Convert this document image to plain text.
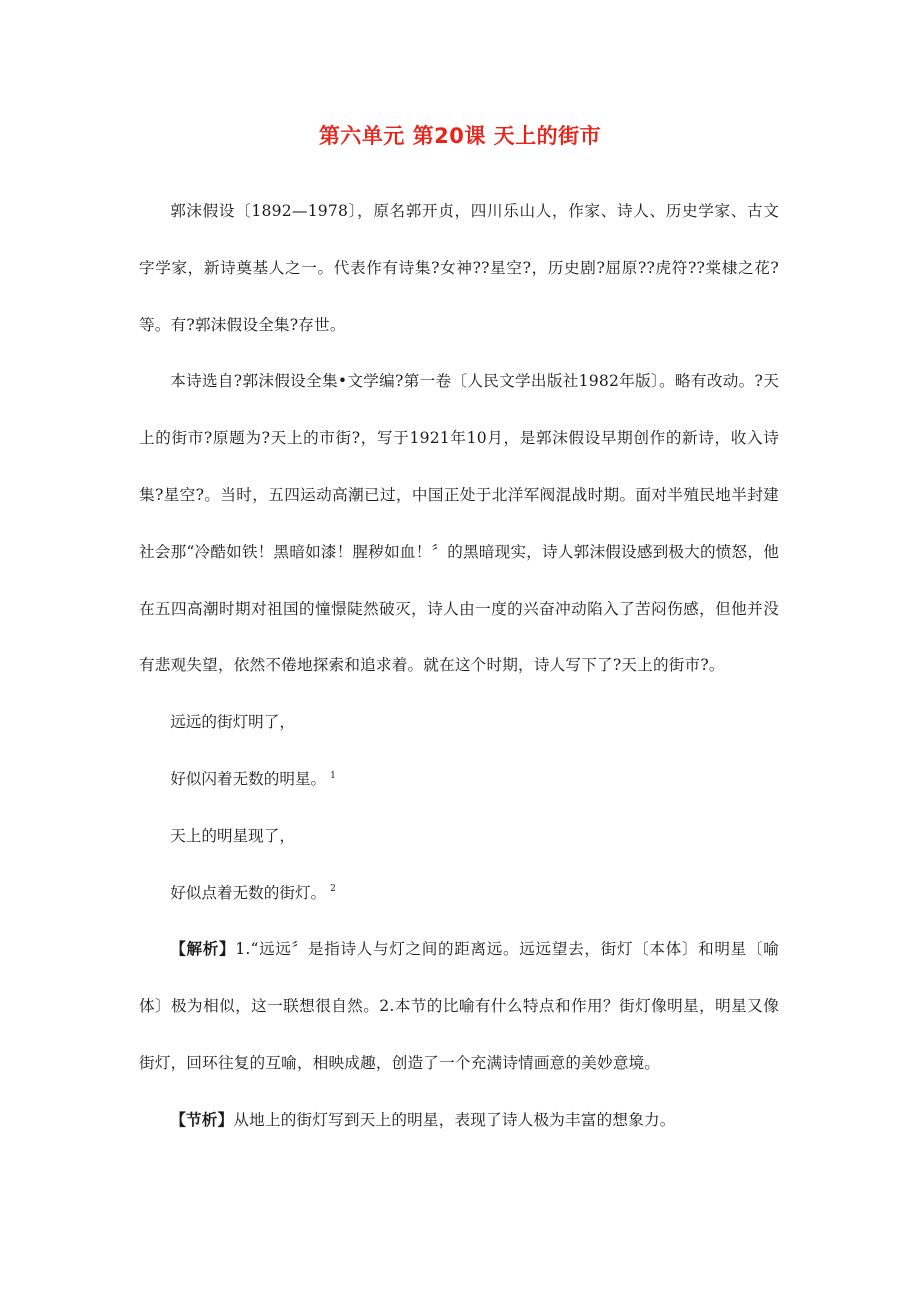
第六单元 第20课 天上的街市

郭沫假设〔1892—1978〕，原名郭开贞，四川乐山人，作家、诗人、历史学家、古文字学家，新诗奠基人之一。代表作有诗集?女神??星空?，历史剧?屈原??虎符??棠棣之花?等。有?郭沫假设全集?存世。

本诗选自?郭沫假设全集•文学编?第一卷〔人民文学出版社1982年版〕。略有改动。?天上的街市?原题为?天上的市街?，写于1921年10月，是郭沫假设早期创作的新诗，收入诗集?星空?。当时，五四运动高潮已过，中国正处于北洋军阀混战时期。面对半殖民地半封建社会那“冷酷如铁！黑暗如漆！腥秽如血！〞的黑暗现实，诗人郭沫假设感到极大的愤怒，他在五四高潮时期对祖国的憧憬陡然破灭，诗人由一度的兴奋冲动陷入了苦闷伤感，但他并没有悲观失望，依然不倦地探索和追求着。就在这个时期，诗人写下了?天上的街市?。

远远的街灯明了，

好似闪着无数的明星。 $^1$

天上的明星现了，

好似点着无数的街灯。 $^2$

【解析】1.“远远〞是指诗人与灯之间的距离远。远远望去，街灯〔本体〕和明星〔喻体〕极为相似，这一联想很自然。2.本节的比喻有什么特点和作用？街灯像明星，明星又像街灯，回环往复的互喻，相映成趣，创造了一个充满诗情画意的美妙意境。

【节析】从地上的街灯写到天上的明星，表现了诗人极为丰富的想象力。
